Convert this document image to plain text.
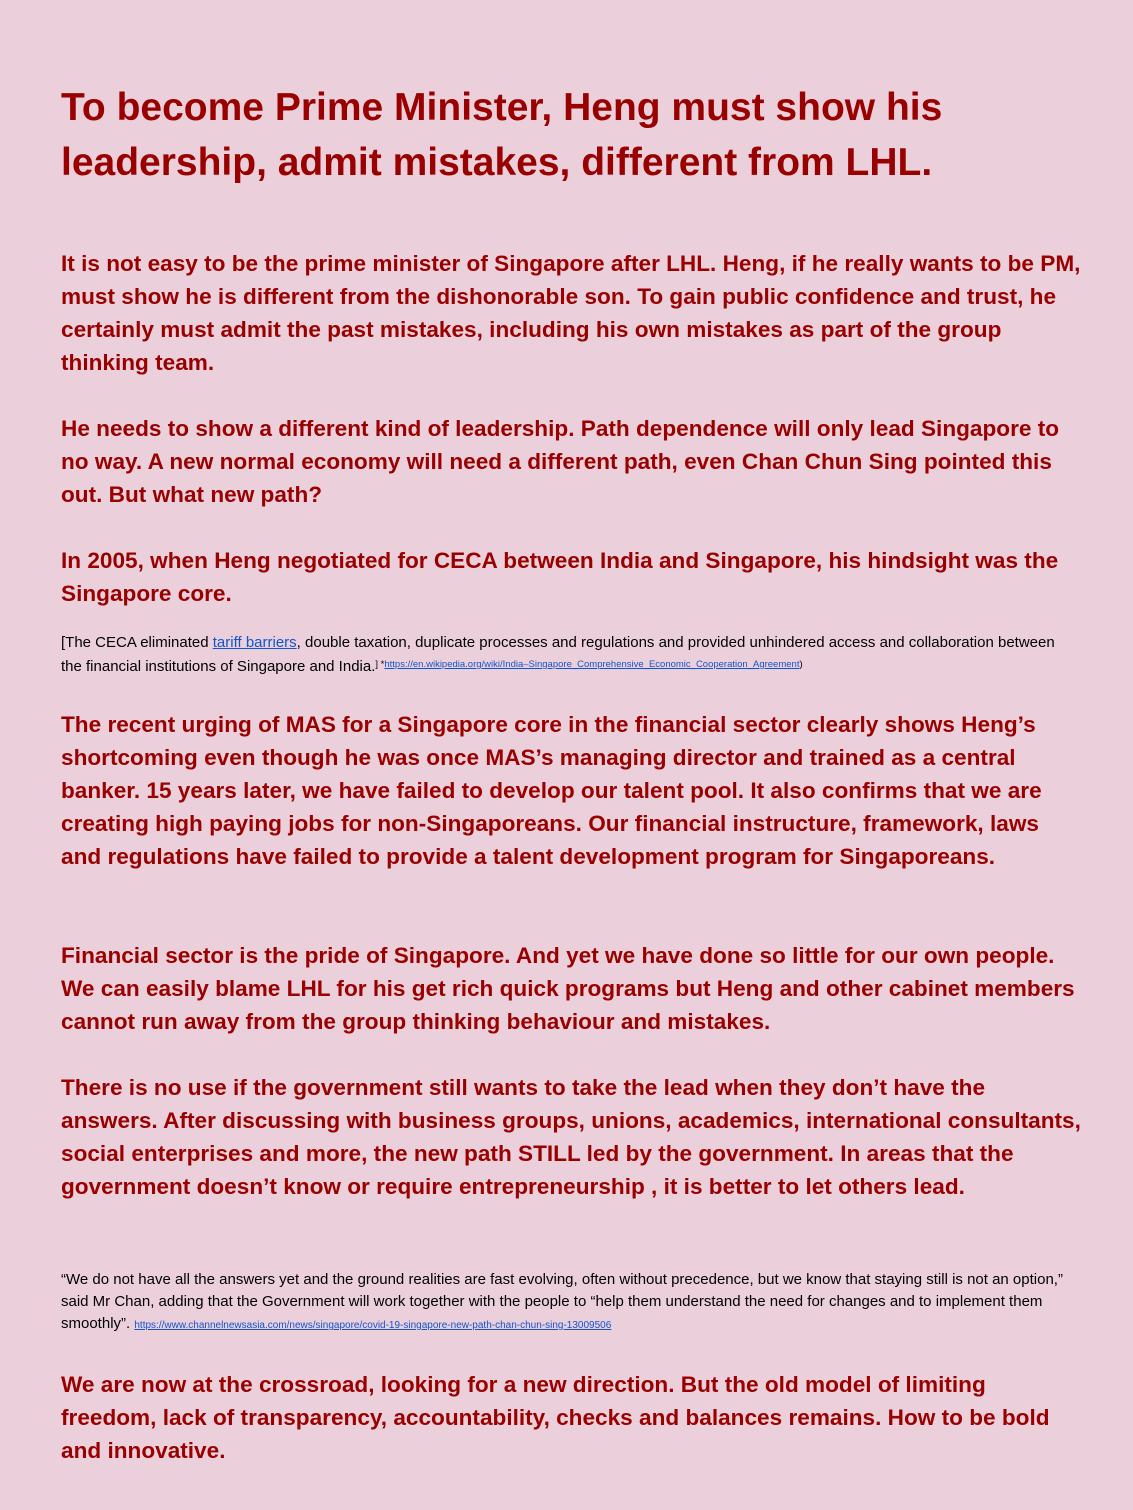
To become Prime Minister, Heng must show his leadership, admit mistakes, different from LHL.

It is not easy to be the prime minister of Singapore after LHL. Heng, if he really wants to be PM, must show he is different from the dishonorable son. To gain public confidence and trust, he certainly must admit the past mistakes, including his own mistakes as part of the group thinking team.

He needs to show a different kind of leadership. Path dependence will only lead Singapore to no way. A new normal economy will need a different path, even Chan Chun Sing pointed this out. But what new path?

In 2005, when Heng negotiated for CECA between India and Singapore, his hindsight was the Singapore core.

[The CECA eliminated tariff barriers, double taxation, duplicate processes and regulations and provided unhindered access and collaboration between the financial institutions of Singapore and India.$^{] *https://en.wikipedia.org/wiki/India-Singapore\_Comprehensive\_Economic\_Cooperation\_Agreement)}$

The recent urging of MAS for a Singapore core in the financial sector clearly shows Heng’s shortcoming even though he was once MAS’s managing director and trained as a central banker. 15 years later, we have failed to develop our talent pool. It also confirms that we are creating high paying jobs for non-Singaporeans. Our financial instructure, framework, laws and regulations have failed to provide a talent development program for Singaporeans.

Financial sector is the pride of Singapore. And yet we have done so little for our own people. We can easily blame LHL for his get rich quick programs but Heng and other cabinet members cannot run away from the group thinking behaviour and mistakes.

There is no use if the government still wants to take the lead when they don’t have the answers. After discussing with business groups, unions, academics, international consultants, social enterprises and more, the new path STILL led by the government. In areas that the government doesn’t know or require entrepreneurship , it is better to let others lead.

“We do not have all the answers yet and the ground realities are fast evolving, often without precedence, but we know that staying still is not an option,” said Mr Chan, adding that the Government will work together with the people to “help them understand the need for changes and to implement them smoothly”. https://www.channelnewsasia.com/news/singapore/covid-19-singapore-new-path-chan-chun-sing-13009506

We are now at the crossroad, looking for a new direction. But the old model of limiting freedom, lack of transparency, accountability, checks and balances remains. How to be bold and innovative.
